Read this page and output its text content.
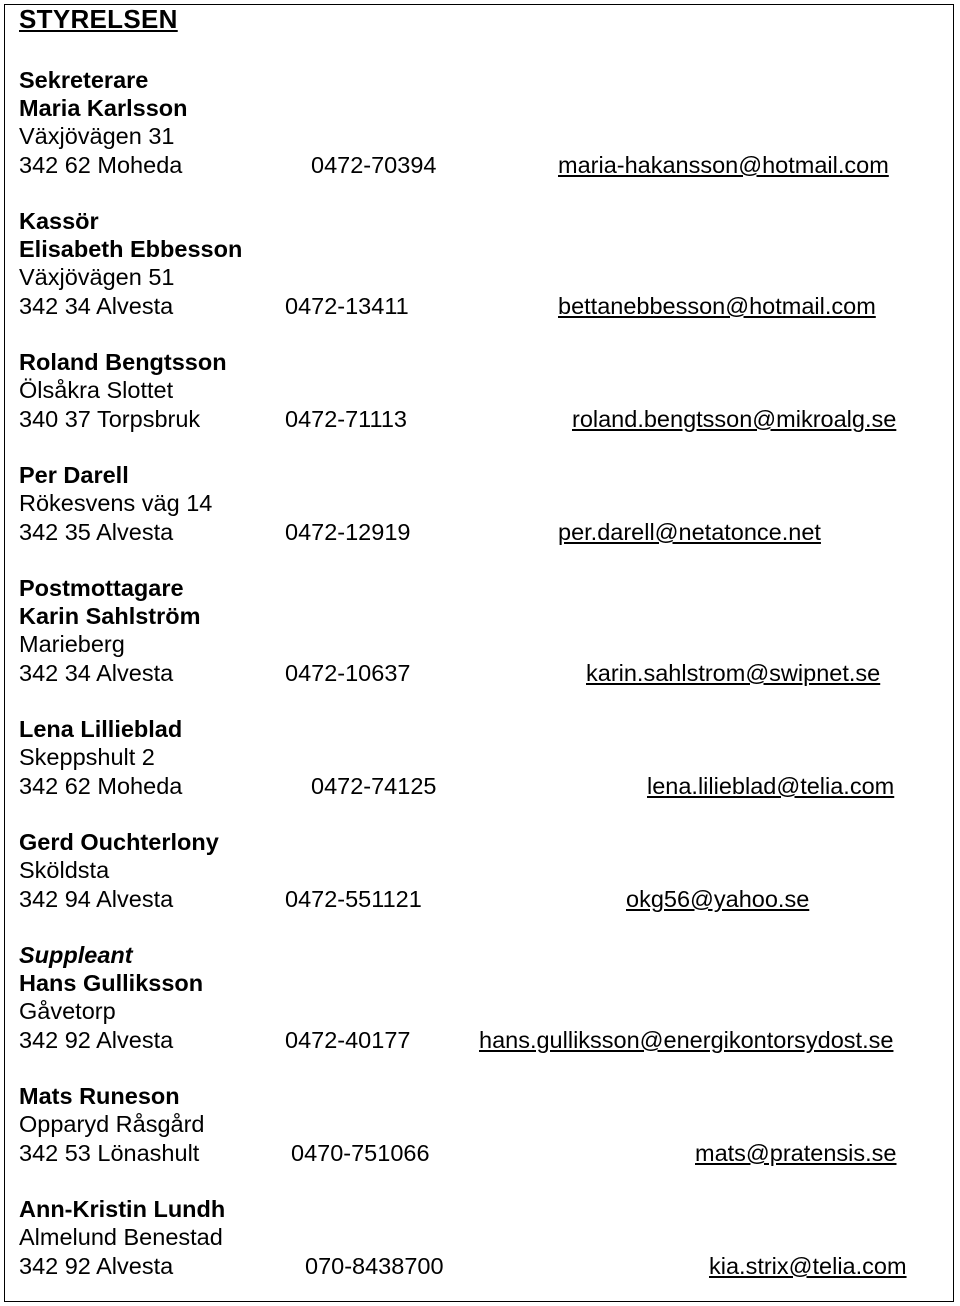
STYRELSEN
Sekreterare
Maria Karlsson
Växjövägen 31
342 62 Moheda	0472-70394	maria-hakansson@hotmail.com
Kassör
Elisabeth Ebbesson
Växjövägen 51
342 34 Alvesta	0472-13411	bettanebbesson@hotmail.com
Roland Bengtsson
Ölsåkra Slottet
340 37 Torpsbruk	0472-71113	roland.bengtsson@mikroalg.se
Per Darell
Rökesvens väg 14
342 35 Alvesta	0472-12919	per.darell@netatonce.net
Postmottagare
Karin Sahlström
Marieberg
342 34 Alvesta	0472-10637	karin.sahlstrom@swipnet.se
Lena Lillieblad
Skeppshult 2
342 62 Moheda	0472-74125	lena.lilieblad@telia.com
Gerd Ouchterlony
Sköldsta
342 94 Alvesta	0472-551121	okg56@yahoo.se
Suppleant
Hans Gulliksson
Gåvetorp
342 92 Alvesta	0472-40177	hans.gulliksson@energikontorsydost.se
Mats Runeson
Opparyd Råsgård
342 53 Lönashult	0470-751066	mats@pratensis.se
Ann-Kristin Lundh
Almelund Benestad
342 92 Alvesta	070-8438700	kia.strix@telia.com
